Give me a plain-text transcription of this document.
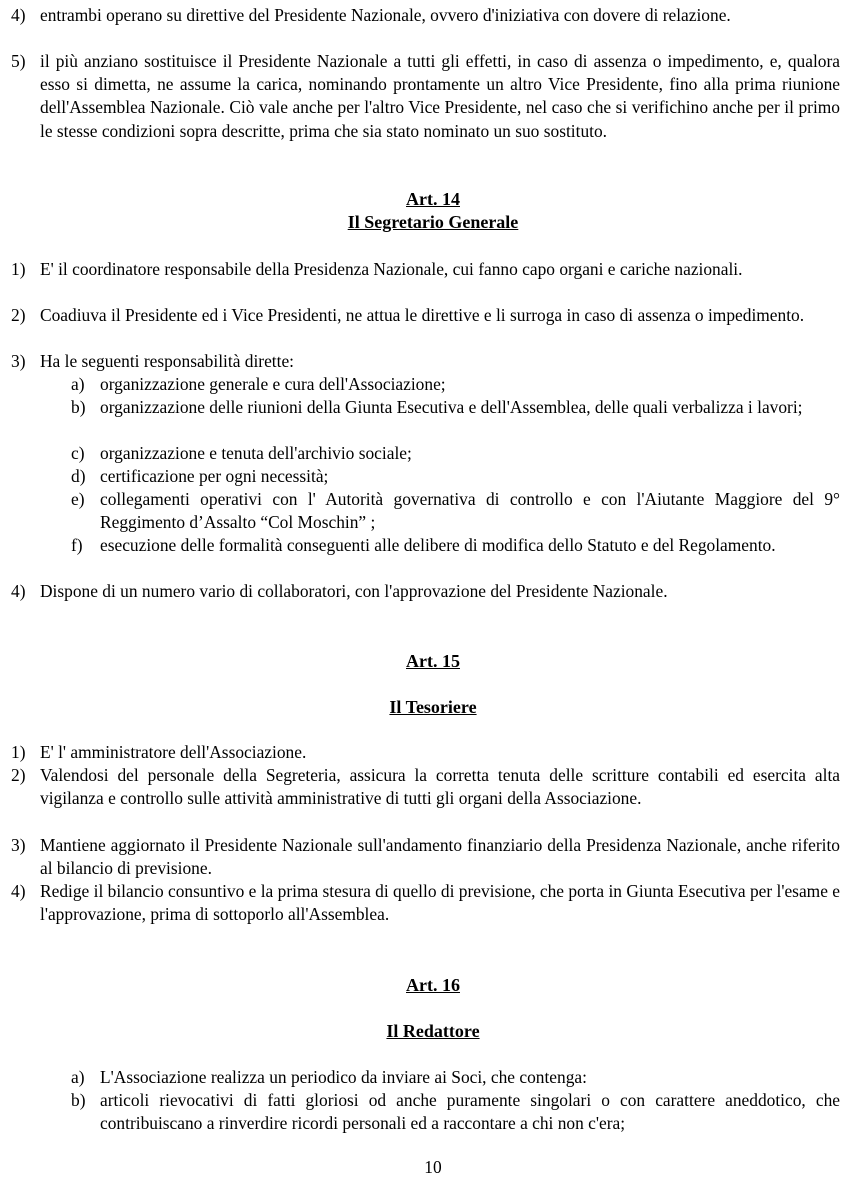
4) entrambi operano su direttive del Presidente Nazionale, ovvero d'iniziativa con dovere di relazione.
5) il più anziano sostituisce il Presidente Nazionale a tutti gli effetti, in caso di assenza o impedimento, e, qualora esso si dimetta, ne assume la carica, nominando prontamente un altro Vice Presidente, fino alla prima riunione dell'Assemblea Nazionale. Ciò vale anche per l'altro Vice Presidente, nel caso che si verifichino anche per il primo le stesse condizioni sopra descritte, prima che sia stato nominato un suo sostituto.
Art. 14
Il Segretario Generale
1) E' il coordinatore responsabile della Presidenza Nazionale, cui fanno capo organi e cariche nazionali.
2) Coadiuva il Presidente ed i Vice Presidenti, ne attua le direttive e li surroga in caso di assenza o impedimento.
3) Ha le seguenti responsabilità dirette:
a) organizzazione generale e cura dell'Associazione;
b) organizzazione delle riunioni della Giunta Esecutiva e dell'Assemblea, delle quali verbalizza i lavori;
c) organizzazione e tenuta dell'archivio sociale;
d) certificazione per ogni necessità;
e) collegamenti operativi con l' Autorità governativa di controllo e con l'Aiutante Maggiore del 9° Reggimento d’Assalto “Col Moschin” ;
f) esecuzione delle formalità conseguenti alle delibere di modifica dello Statuto e del Regolamento.
4) Dispone di un numero vario di collaboratori, con l'approvazione del Presidente Nazionale.
Art. 15
Il Tesoriere
1) E' l' amministratore dell'Associazione.
2) Valendosi del personale della Segreteria, assicura la corretta tenuta delle scritture contabili ed esercita alta vigilanza e controllo sulle attività amministrative di tutti gli organi della Associazione.
3) Mantiene aggiornato il Presidente Nazionale sull'andamento finanziario della Presidenza Nazionale, anche riferito al bilancio di previsione.
4) Redige il bilancio consuntivo e la prima stesura di quello di previsione, che porta in Giunta Esecutiva per l'esame e l'approvazione, prima di sottoporlo all'Assemblea.
Art. 16
Il Redattore
a) L'Associazione realizza un periodico da inviare ai Soci, che contenga:
b) articoli rievocativi di fatti gloriosi od anche puramente singolari o con carattere aneddotico, che contribuiscano a rinverdire ricordi personali ed a raccontare a chi non c'era;
10
